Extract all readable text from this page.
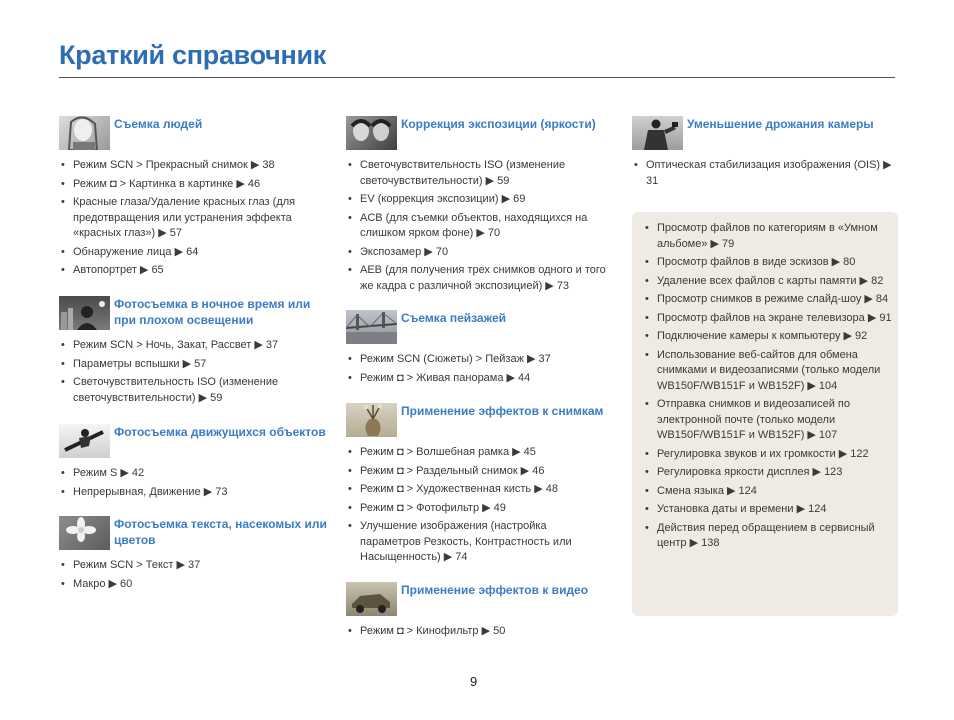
Краткий справочник
Съемка людей
• Режим SCN > Прекрасный снимок ▶ 38
• Режим ◘ > Картинка в картинке ▶ 46
• Красные глаза/Удаление красных глаз (для предотвращения или устранения эффекта «красных глаз») ▶ 57
• Обнаружение лица ▶ 64
• Автопортрет ▶ 65
Фотосъемка в ночное время или при плохом освещении
• Режим SCN > Ночь, Закат, Рассвет ▶ 37
• Параметры вспышки ▶ 57
• Светочувствительность ISO (изменение светочувствительности) ▶ 59
Фотосъемка движущихся объектов
• Режим S ▶ 42
• Непрерывная, Движение ▶ 73
Фотосъемка текста, насекомых или цветов
• Режим SCN > Текст ▶ 37
• Макро ▶ 60
Коррекция экспозиции (яркости)
• Светочувствительность ISO (изменение светочувствительности) ▶ 59
• EV (коррекция экспозиции) ▶ 69
• ACB (для съемки объектов, находящихся на слишком ярком фоне) ▶ 70
• Экспозамер ▶ 70
• AEB (для получения трех снимков одного и того же кадра с различной экспозицией) ▶ 73
Съемка пейзажей
• Режим SCN (Сюжеты) > Пейзаж ▶ 37
• Режим ◘ > Живая панорама ▶ 44
Применение эффектов к снимкам
• Режим ◘ > Волшебная рамка ▶ 45
• Режим ◘ > Раздельный снимок ▶ 46
• Режим ◘ > Художественная кисть ▶ 48
• Режим ◘ > Фотофильтр ▶ 49
• Улучшение изображения (настройка параметров Резкость, Контрастность или Насыщенность) ▶ 74
Применение эффектов к видео
• Режим ◘ > Кинофильтр ▶ 50
Уменьшение дрожания камеры
• Оптическая стабилизация изображения (OIS) ▶ 31
• Просмотр файлов по категориям в «Умном альбоме» ▶ 79
• Просмотр файлов в виде эскизов ▶ 80
• Удаление всех файлов с карты памяти ▶ 82
• Просмотр снимков в режиме слайд-шоу ▶ 84
• Просмотр файлов на экране телевизора ▶ 91
• Подключение камеры к компьютеру ▶ 92
• Использование веб-сайтов для обмена снимками и видеозаписями (только модели WB150F/WB151F и WB152F) ▶ 104
• Отправка снимков и видеозаписей по электронной почте (только модели WB150F/WB151F и WB152F) ▶ 107
• Регулировка звуков и их громкости ▶ 122
• Регулировка яркости дисплея ▶ 123
• Смена языка ▶ 124
• Установка даты и времени ▶ 124
• Действия перед обращением в сервисный центр ▶ 138
9
